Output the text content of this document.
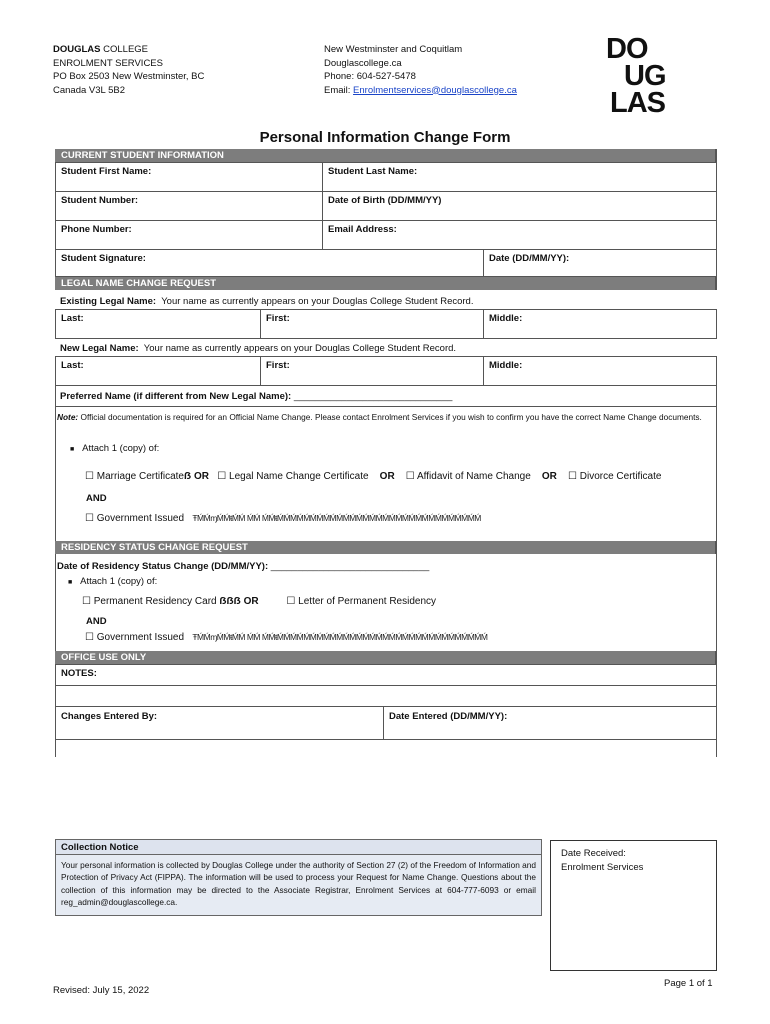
DOUGLAS COLLEGE
ENROLMENT SERVICES
PO Box 2503 New Westminster, BC
Canada V3L 5B2
New Westminster and Coquitlam
Douglascollege.ca
Phone: 604-527-5478
Email: Enrolmentservices@douglascollege.ca
DO
UG
LAS
Personal Information Change Form
CURRENT STUDENT INFORMATION
Student First Name:	Student Last Name:
Student Number:	Date of Birth (DD/MM/YY)
Phone Number:	Email Address:
Student Signature:	Date (DD/MM/YY):
LEGAL NAME CHANGE REQUEST
Existing Legal Name: Your name as currently appears on your Douglas College Student Record.
Last:	First:	Middle:
New Legal Name: Your name as currently appears on your Douglas College Student Record.
Last:	First:	Middle:
Preferred Name (if different from New Legal Name): ______________________________
Note: Official documentation is required for an Official Name Change. Please contact Enrolment Services if you wish to confirm you have the correct Name Change documents.
■ Attach 1 (copy) of:
☐ Marriage Certificateẞ OR ☐ Legal Name Change Certificate OR ☐ Affidavit of Name Change OR ☐ Divorce Certificate
AND
☐ Government Issued ŦḾḾɱḾḾŧḾḾ ḾḾ ḾḾŧḾḾḾḾḾḾḾḾḾḾḾḾḾḾḾḾḾḾḾḾḾḾḾḾḾḾḾḾḾḾḾ
RESIDENCY STATUS CHANGE REQUEST
Date of Residency Status Change (DD/MM/YY): ______________________________
■ Attach 1 (copy) of:
☐ Permanent Residency Card ẞẞẞ OR	☐ Letter of Permanent Residency
AND
☐ Government Issued ŦḾḾɱḾḾŧḾḾ ḾḾ ḾḾŧḾḾḾḾḾḾḾḾḾḾḾḾḾḾḾḾḾḾḾḾḾḾḾḾḾḾḾḾḾḾḾḾ
OFFICE USE ONLY
NOTES:
Changes Entered By:	Date Entered (DD/MM/YY):
Collection Notice
Your personal information is collected by Douglas College under the authority of Section 27 (2) of the Freedom of Information and Protection of Privacy Act (FIPPA). The information will be used to process your Request for Name Change. Questions about the collection of this information may be directed to the Associate Registrar, Enrolment Services at 604-777-6093 or email reg_admin@douglascollege.ca.
Date Received:
Enrolment Services
Revised: July 15, 2022
Page 1 of 1
